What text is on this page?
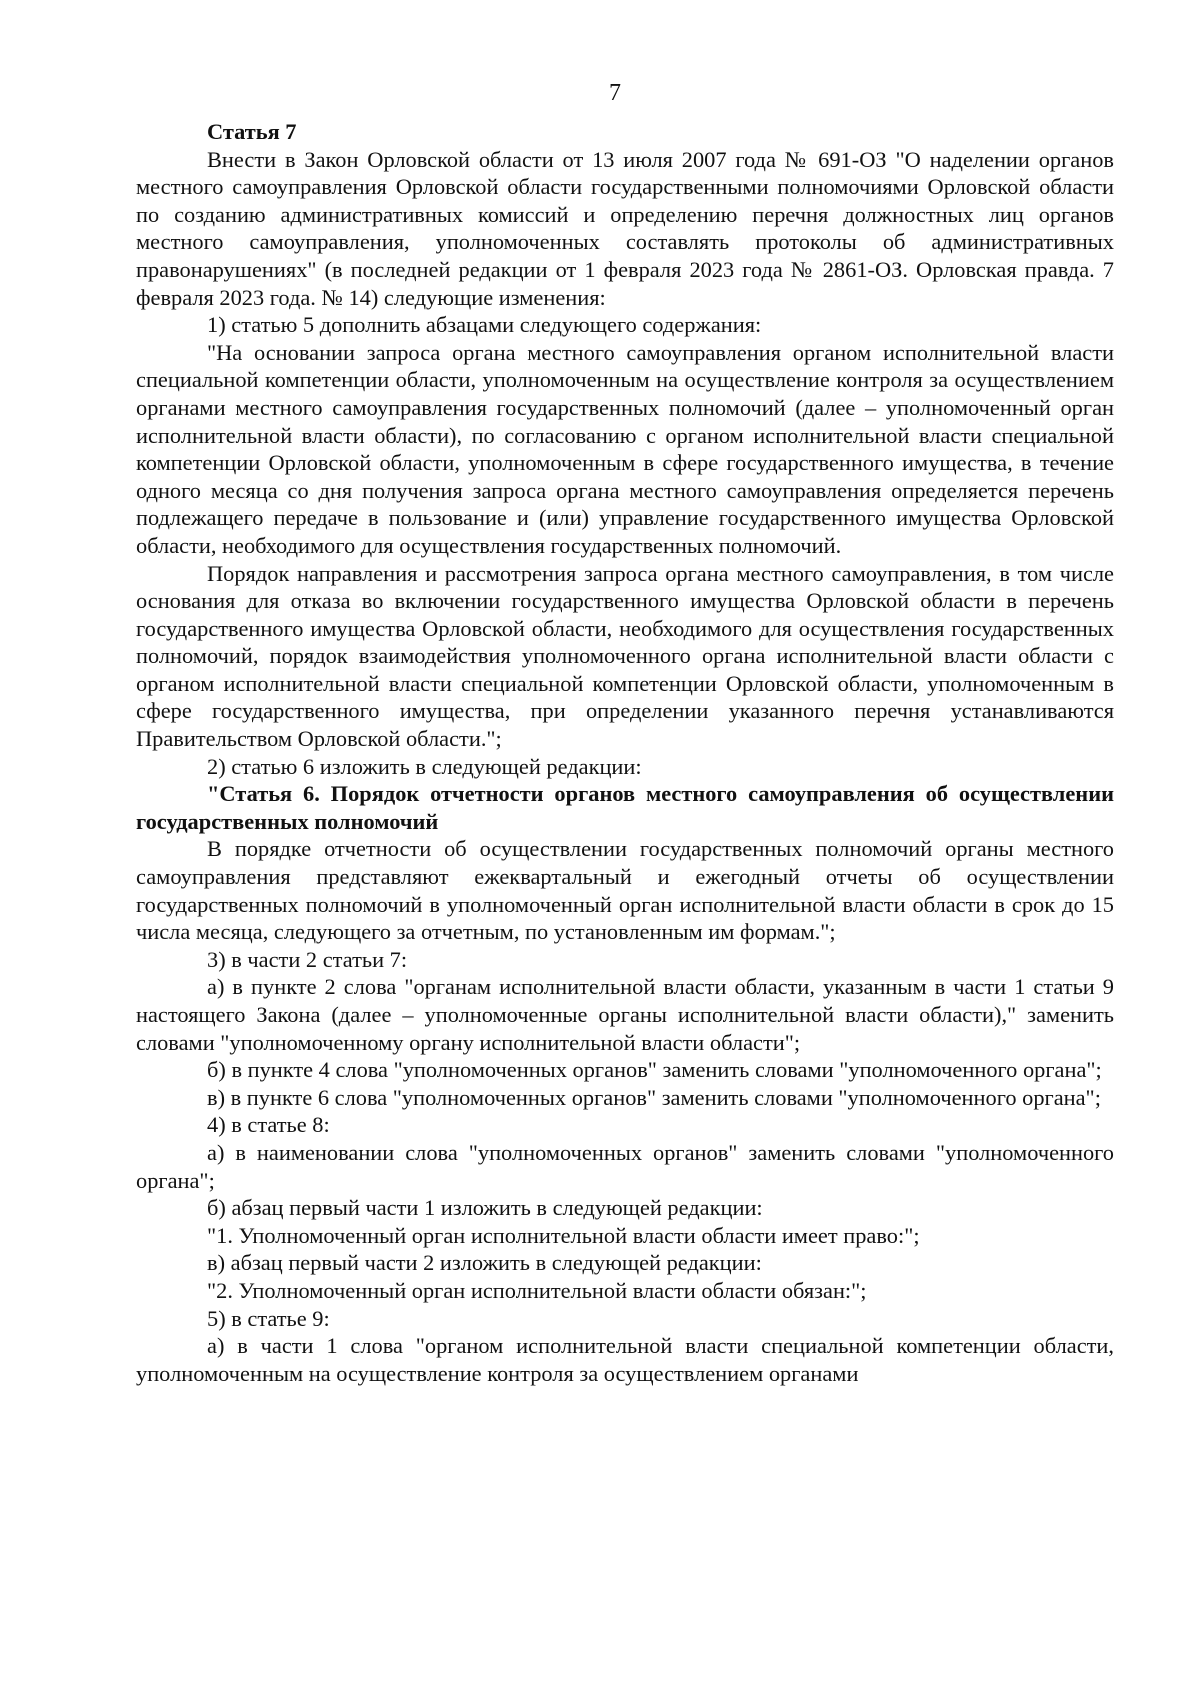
7
Статья 7
Внести в Закон Орловской области от 13 июля 2007 года № 691-ОЗ "О наделении органов местного самоуправления Орловской области государственными полномочиями Орловской области по созданию административных комиссий и определению перечня должностных лиц органов местного самоуправления, уполномоченных составлять протоколы об административных правонарушениях" (в последней редакции от 1 февраля 2023 года № 2861-ОЗ. Орловская правда. 7 февраля 2023 года. № 14) следующие изменения:
1) статью 5 дополнить абзацами следующего содержания:
"На основании запроса органа местного самоуправления органом исполнительной власти специальной компетенции области, уполномоченным на осуществление контроля за осуществлением органами местного самоуправления государственных полномочий (далее – уполномоченный орган исполнительной власти области), по согласованию с органом исполнительной власти специальной компетенции Орловской области, уполномоченным в сфере государственного имущества, в течение одного месяца со дня получения запроса органа местного самоуправления определяется перечень подлежащего передаче в пользование и (или) управление государственного имущества Орловской области, необходимого для осуществления государственных полномочий.
Порядок направления и рассмотрения запроса органа местного самоуправления, в том числе основания для отказа во включении государственного имущества Орловской области в перечень государственного имущества Орловской области, необходимого для осуществления государственных полномочий, порядок взаимодействия уполномоченного органа исполнительной власти области с органом исполнительной власти специальной компетенции Орловской области, уполномоченным в сфере государственного имущества, при определении указанного перечня устанавливаются Правительством Орловской области.";
2) статью 6 изложить в следующей редакции:
"Статья 6. Порядок отчетности органов местного самоуправления об осуществлении государственных полномочий
В порядке отчетности об осуществлении государственных полномочий органы местного самоуправления представляют ежеквартальный и ежегодный отчеты об осуществлении государственных полномочий в уполномоченный орган исполнительной власти области в срок до 15 числа месяца, следующего за отчетным, по установленным им формам.";
3) в части 2 статьи 7:
а) в пункте 2 слова "органам исполнительной власти области, указанным в части 1 статьи 9 настоящего Закона (далее – уполномоченные органы исполнительной власти области)," заменить словами "уполномоченному органу исполнительной власти области";
б) в пункте 4 слова "уполномоченных органов" заменить словами "уполномоченного органа";
в) в пункте 6 слова "уполномоченных органов" заменить словами "уполномоченного органа";
4) в статье 8:
а) в наименовании слова "уполномоченных органов" заменить словами "уполномоченного органа";
б) абзац первый части 1 изложить в следующей редакции:
"1. Уполномоченный орган исполнительной власти области имеет право:";
в) абзац первый части 2 изложить в следующей редакции:
"2. Уполномоченный орган исполнительной власти области обязан:";
5) в статье 9:
а) в части 1 слова "органом исполнительной власти специальной компетенции области, уполномоченным на осуществление контроля за осуществлением органами
